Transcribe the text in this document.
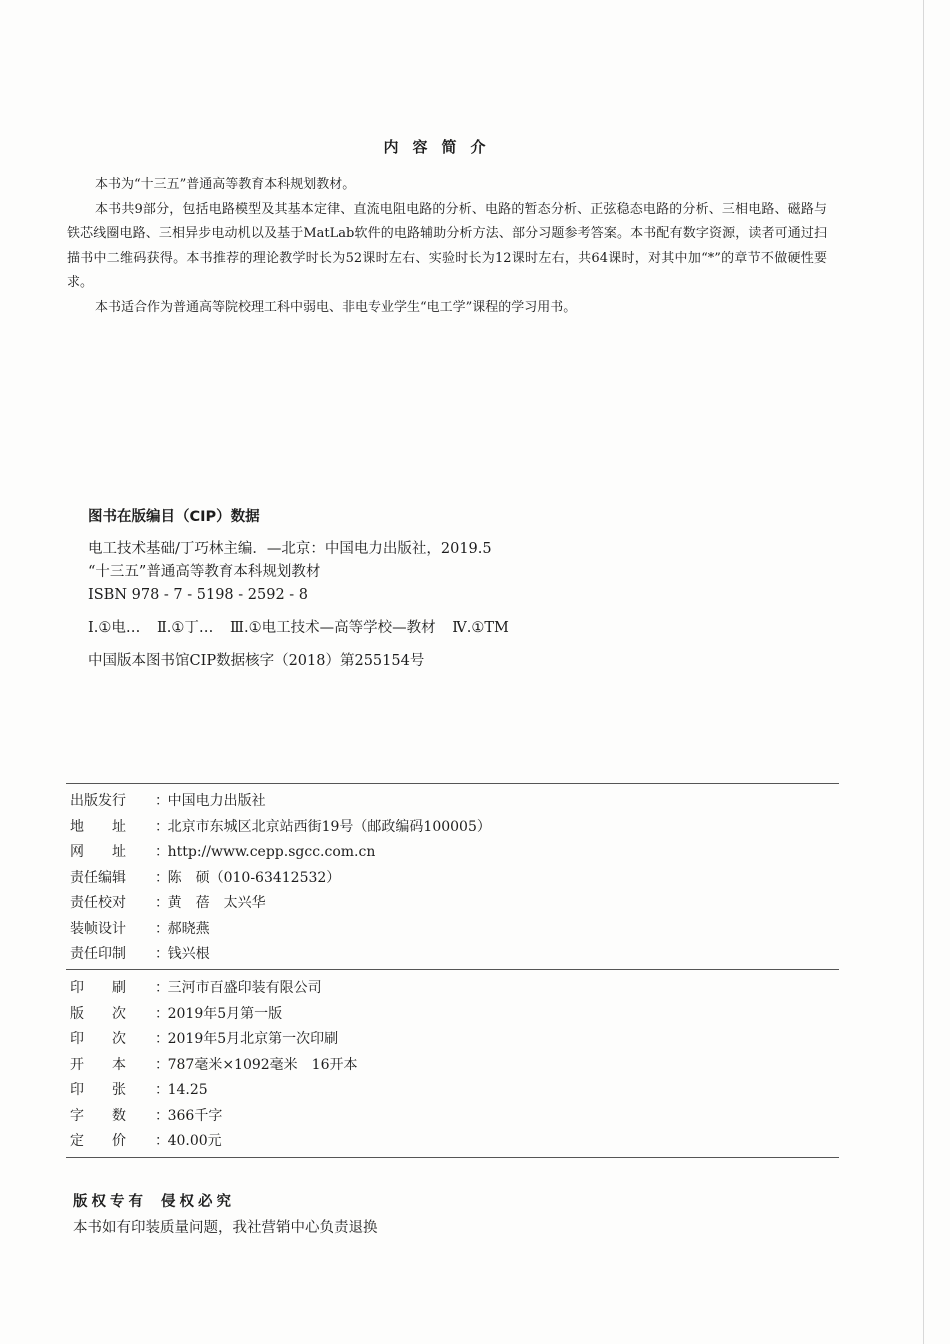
内容简介

本书为“十三五”普通高等教育本科规划教材。

本书共9部分，包括电路模型及其基本定律、直流电阻电路的分析、电路的暂态分析、正弦稳态电路的分析、三相电路、磁路与铁芯线圈电路、三相异步电动机以及基于MatLab软件的电路辅助分析方法、部分习题参考答案。本书配有数字资源，读者可通过扫描书中二维码获得。本书推荐的理论教学时长为52课时左右、实验时长为12课时左右，共64课时，对其中加“*”的章节不做硬性要求。

本书适合作为普通高等院校理工科中弱电、非电专业学生“电工学”课程的学习用书。

图书在版编目（CIP）数据
电工技术基础/丁巧林主编．—北京：中国电力出版社，2019.5
“十三五”普通高等教育本科规划教材
ISBN 978 - 7 - 5198 - 2592 - 8
Ⅰ.①电… Ⅱ.①丁… Ⅲ.①电工技术—高等学校—教材 Ⅳ.①TM
中国版本图书馆CIP数据核字（2018）第255154号
出版发行	：
中国电力出版社
地　　址	：
北京市东城区北京站西街19号（邮政编码100005）
网　　址	：
http://www.cepp.sgcc.com.cn
责任编辑	：
陈　硕（010-63412532）
责任校对	：
黄　蓓　太兴华
装帧设计	：
郝晓燕
责任印制	：
钱兴根
印　　刷	：
三河市百盛印装有限公司
版　　次	：
2019年5月第一版
印　　次	：
2019年5月北京第一次印刷
开　　本	：
787毫米×1092毫米　16开本
印　　张	：
14.25
字　　数	：
366千字
定　　价	：
40.00元
版权专有 侵权必究
本书如有印装质量问题，我社营销中心负责退换
